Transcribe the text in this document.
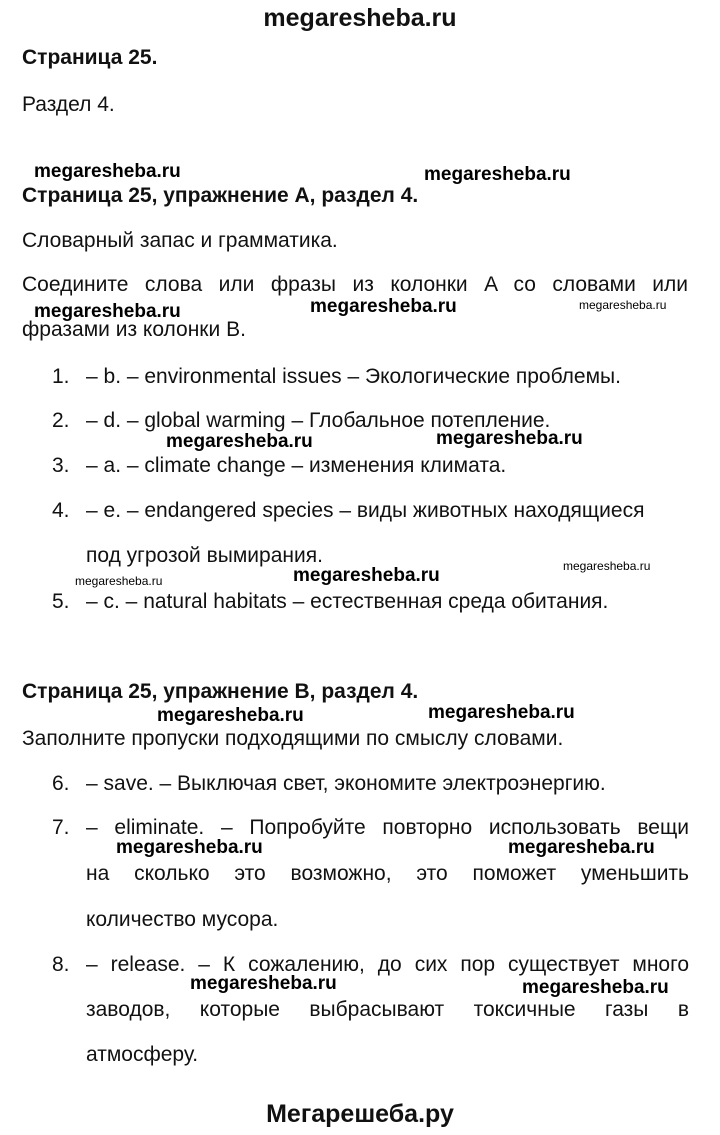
megaresheba.ru
Страница 25.
Раздел 4.
Страница 25, упражнение A, раздел 4.
Словарный запас и грамматика.
Соедините слова или фразы из колонки A со словами или
фразами из колонки B.
1. – b. – environmental issues – Экологические проблемы.
2. – d. – global warming – Глобальное потепление.
3. – a. – climate change – изменения климата.
4. – e. – endangered species – виды животных находящиеся
под угрозой вымирания.
5. – c. – natural habitats – естественная среда обитания.
Страница 25, упражнение B, раздел 4.
Заполните пропуски подходящими по смыслу словами.
6. – save. – Выключая свет, экономите электроэнергию.
7. – eliminate. – Попробуйте повторно использовать вещи
на сколько это возможно, это поможет уменьшить
количество мусора.
8. – release. – К сожалению, до сих пор существует много
заводов, которые выбрасывают токсичные газы в
атмосферу.
Мегарешеба.ру
megaresheba.ru	megaresheba.ru
megaresheba.ru	megaresheba.ru	megaresheba.ru
megaresheba.ru	megaresheba.ru
megaresheba.ru	megaresheba.ru	megaresheba.ru
megaresheba.ru	megaresheba.ru
megaresheba.ru	megaresheba.ru
megaresheba.ru	megaresheba.ru
